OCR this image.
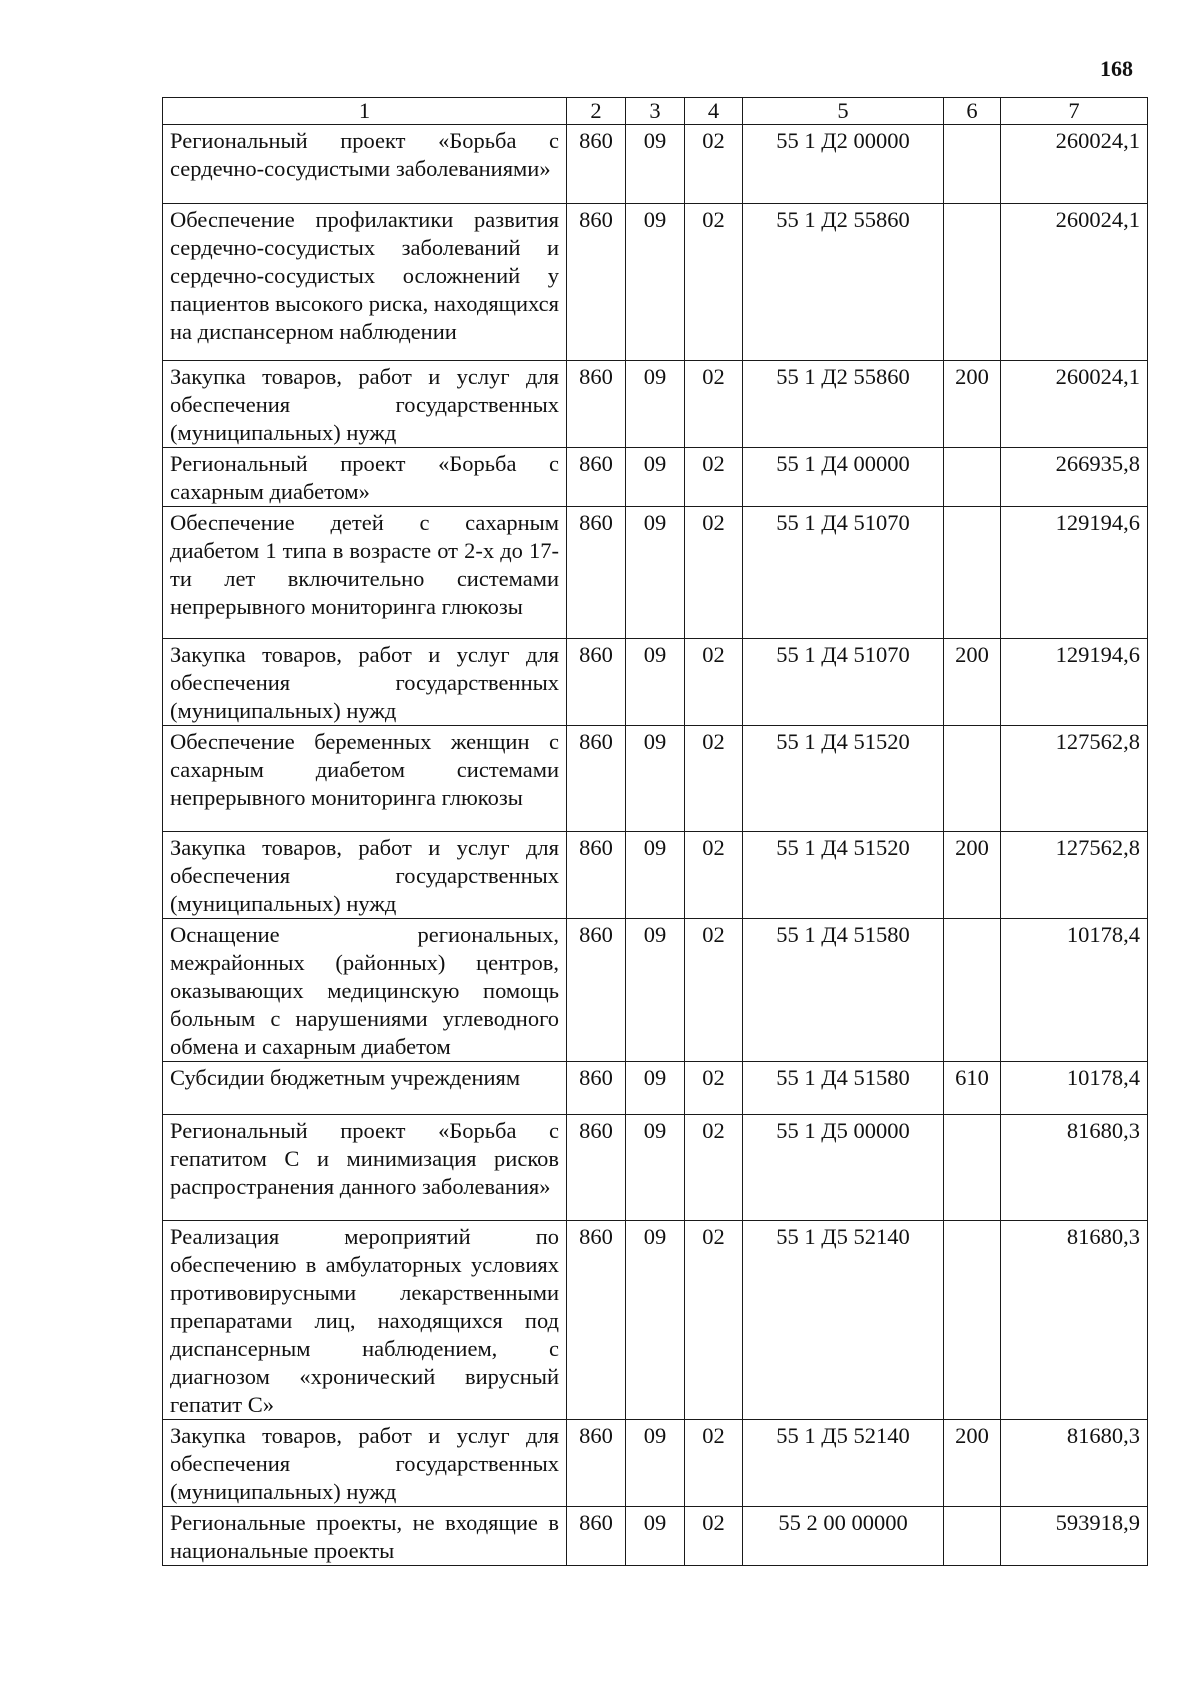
168
1	2	3	4	5	6	7
Региональный проект «Борьба с сердечно-сосудистыми заболеваниями»	860	09	02	55 1 Д2 00000		260024,1
Обеспечение профилактики развития сердечно-сосудистых заболеваний и сердечно-сосудистых осложнений у пациентов высокого риска, находящихся на диспансерном наблюдении	860	09	02	55 1 Д2 55860		260024,1
Закупка товаров, работ и услуг для обеспечения государственных (муниципальных) нужд	860	09	02	55 1 Д2 55860	200	260024,1
Региональный проект «Борьба с сахарным диабетом»	860	09	02	55 1 Д4 00000		266935,8
Обеспечение детей с сахарным диабетом 1 типа в возрасте от 2-х до 17-ти лет включительно системами непрерывного мониторинга глюкозы	860	09	02	55 1 Д4 51070		129194,6
Закупка товаров, работ и услуг для обеспечения государственных (муниципальных) нужд	860	09	02	55 1 Д4 51070	200	129194,6
Обеспечение беременных женщин с сахарным диабетом системами непрерывного мониторинга глюкозы	860	09	02	55 1 Д4 51520		127562,8
Закупка товаров, работ и услуг для обеспечения государственных (муниципальных) нужд	860	09	02	55 1 Д4 51520	200	127562,8
Оснащение региональных, межрайонных (районных) центров, оказывающих медицинскую помощь больным с нарушениями углеводного обмена и сахарным диабетом	860	09	02	55 1 Д4 51580		10178,4
Субсидии бюджетным учреждениям	860	09	02	55 1 Д4 51580	610	10178,4
Региональный проект «Борьба с гепатитом С и минимизация рисков распространения данного заболевания»	860	09	02	55 1 Д5 00000		81680,3
Реализация мероприятий по обеспечению в амбулаторных условиях противовирусными лекарственными препаратами лиц, находящихся под диспансерным наблюдением, с диагнозом «хронический вирусный гепатит С»	860	09	02	55 1 Д5 52140		81680,3
Закупка товаров, работ и услуг для обеспечения государственных (муниципальных) нужд	860	09	02	55 1 Д5 52140	200	81680,3
Региональные проекты, не входящие в национальные проекты	860	09	02	55 2 00 00000		593918,9
